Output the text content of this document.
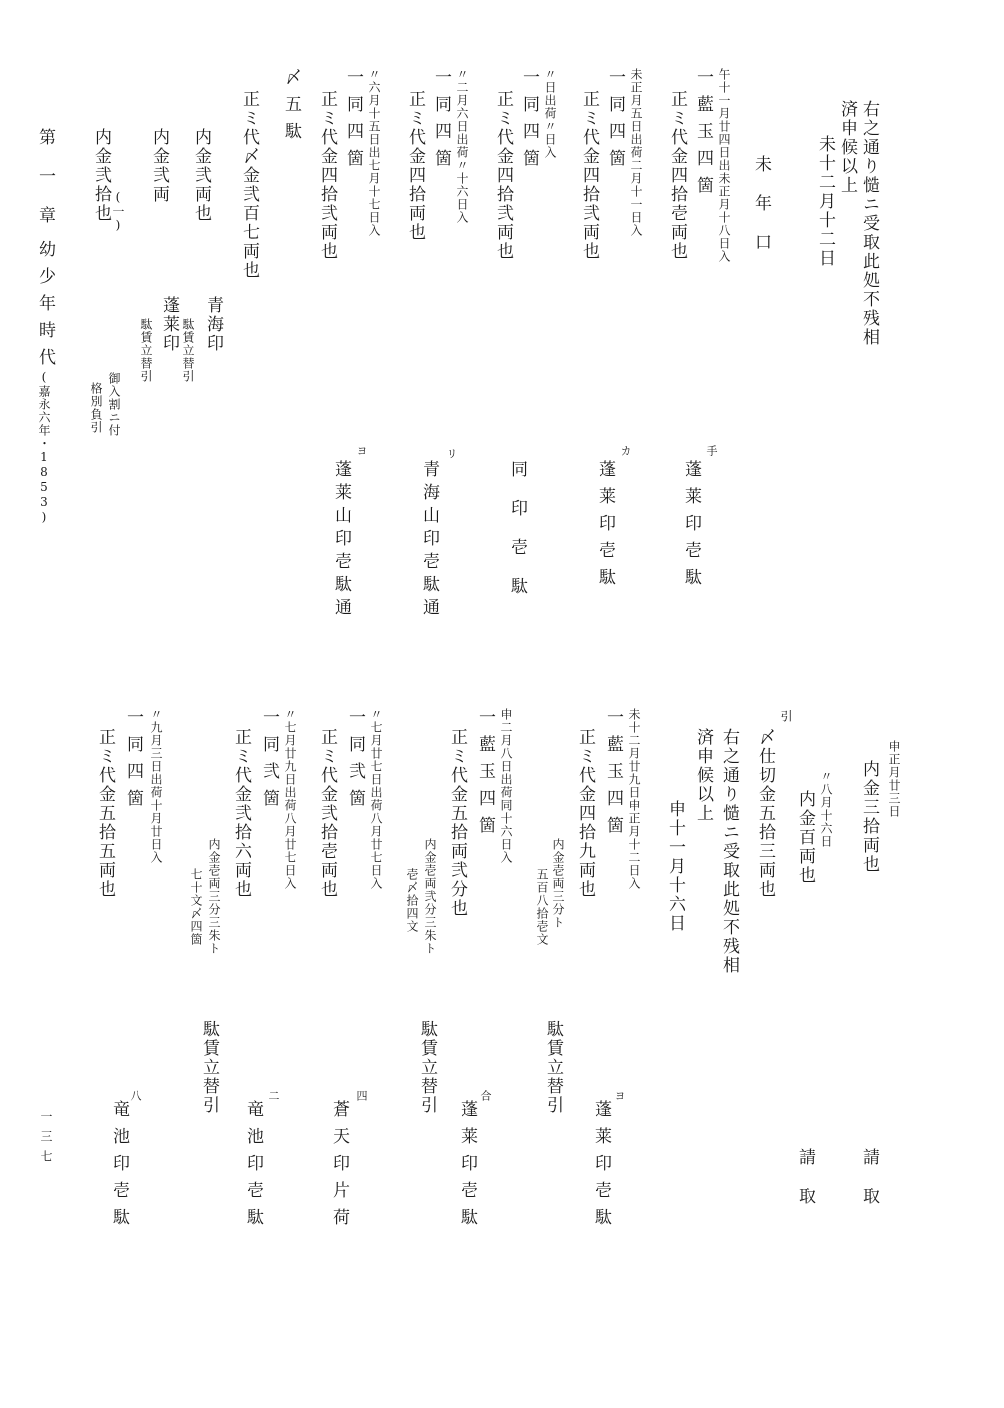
右之通り慥ニ受取此処不残相
済申候以上
未十二月十二日
未年口
午十一月廿四日出未正月十八日入
一藍玉四箇
正ミ代金四拾壱両也
手
蓬莱印壱駄
未正月五日出荷二月十一日入
一同四箇
正ミ代金四拾弐両也
カ
蓬莱印壱駄
〃日出荷〃日入
一同四箇
正ミ代金四拾弐両也
同印壱駄
〃二月六日出荷〃十六日入
一同四箇
正ミ代金四拾両也
リ
青海山印壱駄通
〃六月十五日出七月十七日入
一同四箇
正ミ代金四拾弐両也
ヨ
蓬莱山印壱駄通
〆五駄
正ミ代〆金弐百七両也
内金弐両也
青海印
駄賃立替引
内金弐両
蓬莱印
駄賃立替引
内金弐拾也 (一)
御入割ニ付
格別負引
第一章
幼少年時代
(嘉永六年・1853)
申正月廿三日
内金三拾両也
請取
〃八月十六日
内金百両也
請取
引
〆仕切金五拾三両也
右之通り慥ニ受取此処不残相
済申候以上
申十一月十六日
未十二月廿九日申正月十二日入
一藍玉四箇
正ミ代金四拾九両也
内金壱両三分ト
五百八拾壱文
駄賃立替引	ヨ
蓬莱印壱駄
申二月八日出荷同十六日入
一藍玉四箇
正ミ代金五拾両弐分也
内金壱両弐分三朱ト
壱〆拾四文
駄賃立替引	合
蓬莱印壱駄
〃七月廿七日出荷八月廿七日入
一同弐箇
正ミ代金弐拾壱両也
四
蒼天印片荷
〃七月廿九日出荷八月廿七日入
一同弐箇
正ミ代金弐拾六両也
内金壱両三分三朱ト
七十文〆四箇
駄賃立替引	二
竜池印壱駄
〃九月三日出荷十月廿日入
一同四箇
正ミ代金五拾五両也
八
竜池印壱駄
一三七
